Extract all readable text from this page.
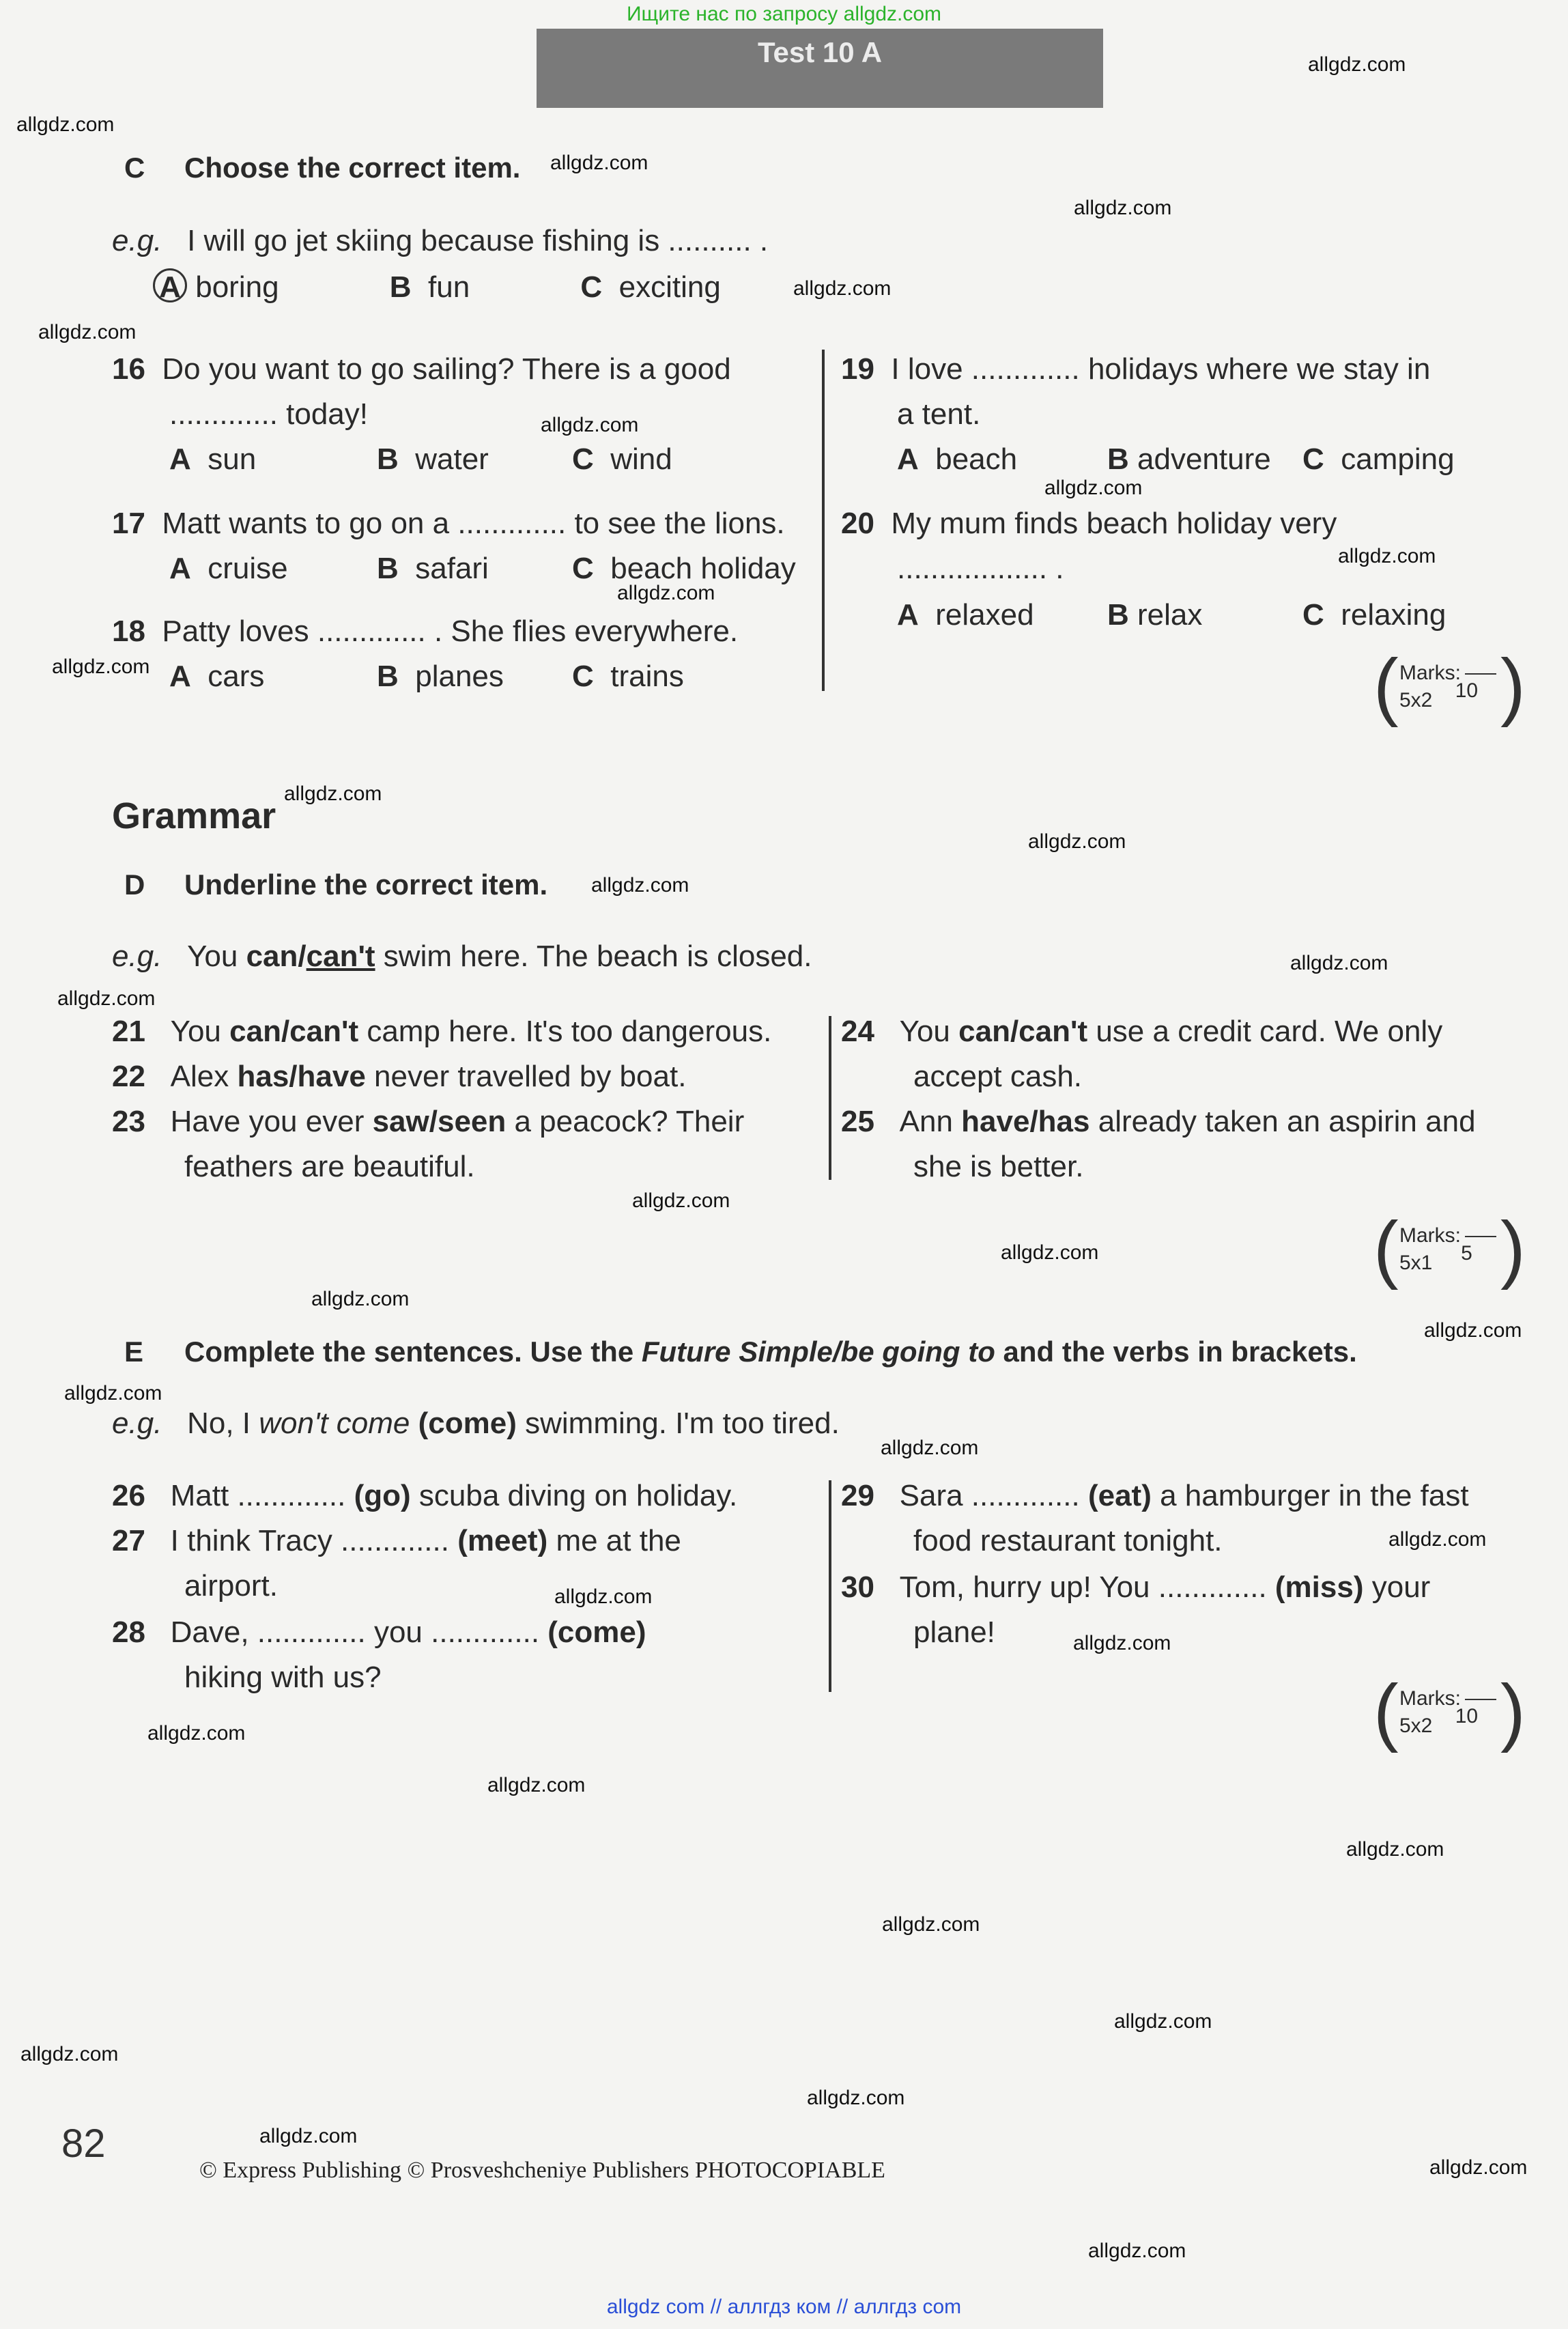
Ищите нас по запросу allgdz.com
Test 10 A	allgdz.com
allgdz.com
allgdz.com
allgdz.com
allgdz.com
allgdz.com
allgdz.com
allgdz.com
allgdz.com
allgdz.com
allgdz.com
allgdz.com
allgdz.com
allgdz.com
allgdz.com
allgdz.com
allgdz.com
allgdz.com
allgdz.com
allgdz.com
allgdz.com
allgdz.com
allgdz.com
allgdz.com
allgdz.com
allgdz.com
allgdz.com
allgdz.com
allgdz.com
allgdz.com
allgdz.com
allgdz.com
allgdz.com
allgdz.com
allgdz.com
C Choose the correct item.
e.g. I will go jet skiing because fishing is .......... .
A boring	B fun	C exciting
16 Do you want to go sailing? There is a good
............. today!
A sun	B water	C wind
17 Matt wants to go on a ............. to see the lions.
A cruise	B safari	C beach holiday
18 Patty loves ............. . She flies everywhere.
A cars	B planes C trains
19 I love ............. holidays where we stay in
a tent.
A beach	B adventure C camping
20 My mum finds beach holiday very
.................. .
A relaxed B relax	C relaxing
( Marks:
5x2 10 )
Grammar
D Underline the correct item.
e.g. You can/can't swim here. The beach is closed.
21 You can/can't camp here. It's too dangerous.
22 Alex has/have never travelled by boat.
23 Have you ever saw/seen a peacock? Their
feathers are beautiful.
24 You can/can't use a credit card. We only
accept cash.
25 Ann have/has already taken an aspirin and
she is better.
( Marks:
5x1 5 )
E Complete the sentences. Use the Future Simple/be going to and the verbs in brackets.
e.g. No, I won't come (come) swimming. I'm too tired.
26 Matt ............. (go) scuba diving on holiday.
27 I think Tracy ............. (meet) me at the
airport.
28 Dave, ............. you ............. (come)
hiking with us?
29 Sara ............. (eat) a hamburger in the fast
food restaurant tonight.
30 Tom, hurry up! You ............. (miss) your
plane!
( Marks:
5x2 10 )
82
© Express Publishing © Prosveshcheniye Publishers PHOTOCOPIABLE
allgdz com // аллгдз ком // аллгдз com
